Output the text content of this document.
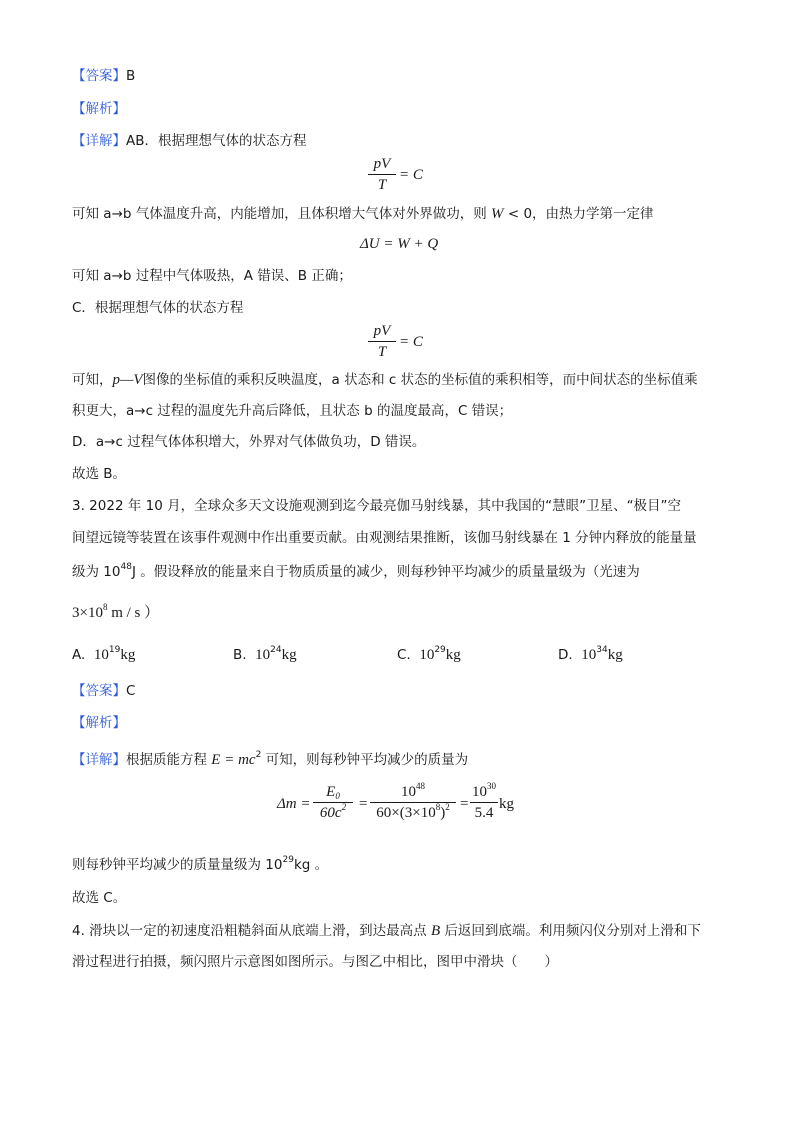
【答案】B
【解析】
【详解】AB．根据理想气体的状态方程
pV
T
= C
可知 a→b 气体温度升高，内能增加，且体积增大气体对外界做功，则 W < 0，由热力学第一定律
ΔU = W + Q
可知 a→b 过程中气体吸热，A 错误、B 正确；
C．根据理想气体的状态方程
pV
T
= C
可知，p—V图像的坐标值的乘积反映温度，a 状态和 c 状态的坐标值的乘积相等，而中间状态的坐标值乘
积更大，a→c 过程的温度先升高后降低，且状态 b 的温度最高，C 错误；
D．a→c 过程气体体积增大，外界对气体做负功，D 错误。
故选 B。
3. 2022 年 10 月，全球众多天文设施观测到迄今最亮伽马射线暴，其中我国的“慧眼”卫星、“极目”空
间望远镜等装置在该事件观测中作出重要贡献。由观测结果推断，该伽马射线暴在 1 分钟内释放的能量量
级为 $10^{48}J$ 。假设释放的能量来自于物质质量的减少，则每秒钟平均减少的质量量级为（光速为
$3\times 10^8$ m / s ）
A. $10^{19}kg$	B. $10^{24}kg$	C. $10^{29}kg$	D. $10^{34}kg$
【答案】C
【解析】
【详解】根据质能方程 $E = mc^2$ 可知，则每秒钟平均减少的质量为
Δm =
$E_0$
$60c^2$ =
$10^{48}$
$60\times(3\times 10^8)^2$ =
$10^{30}$
5.4
kg
则每秒钟平均减少的质量量级为 $10^{29}kg$ 。
故选 C。
4. 滑块以一定的初速度沿粗糙斜面从底端上滑，到达最高点 B 后返回到底端。利用频闪仪分别对上滑和下
滑过程进行拍摄，频闪照片示意图如图所示。与图乙中相比，图甲中滑块（　　）
